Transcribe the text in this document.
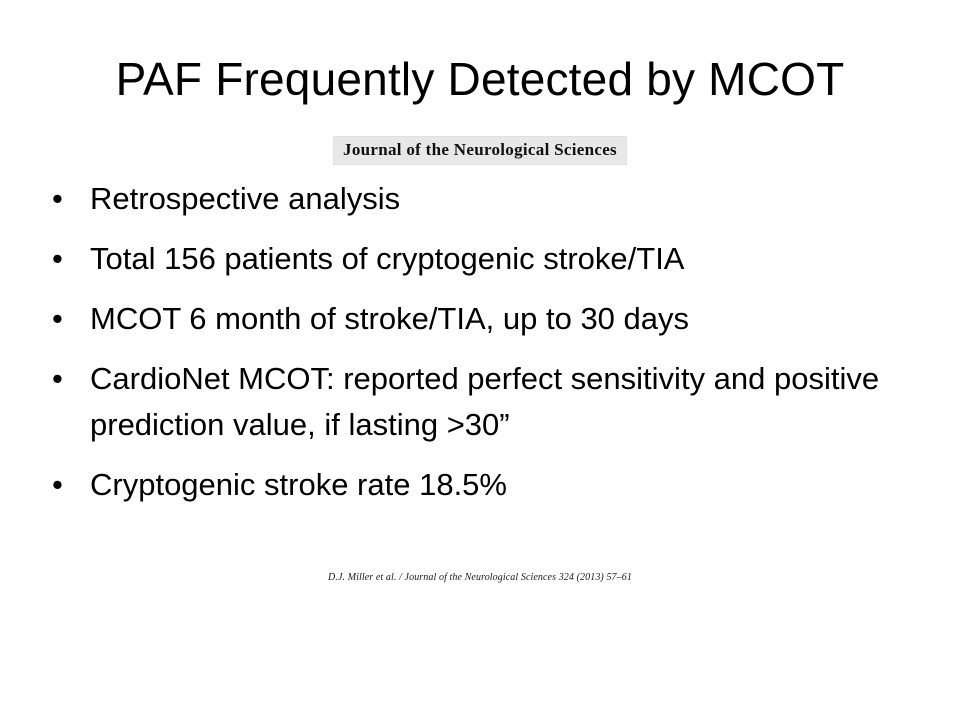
PAF Frequently Detected by MCOT
Journal of the Neurological Sciences
• Retrospective analysis
• Total 156 patients of cryptogenic stroke/TIA
• MCOT 6 month of stroke/TIA, up to 30 days
• CardioNet MCOT: reported perfect sensitivity and positive prediction value, if lasting >30”
• Cryptogenic stroke rate 18.5%
D.J. Miller et al. / Journal of the Neurological Sciences 324 (2013) 57–61
